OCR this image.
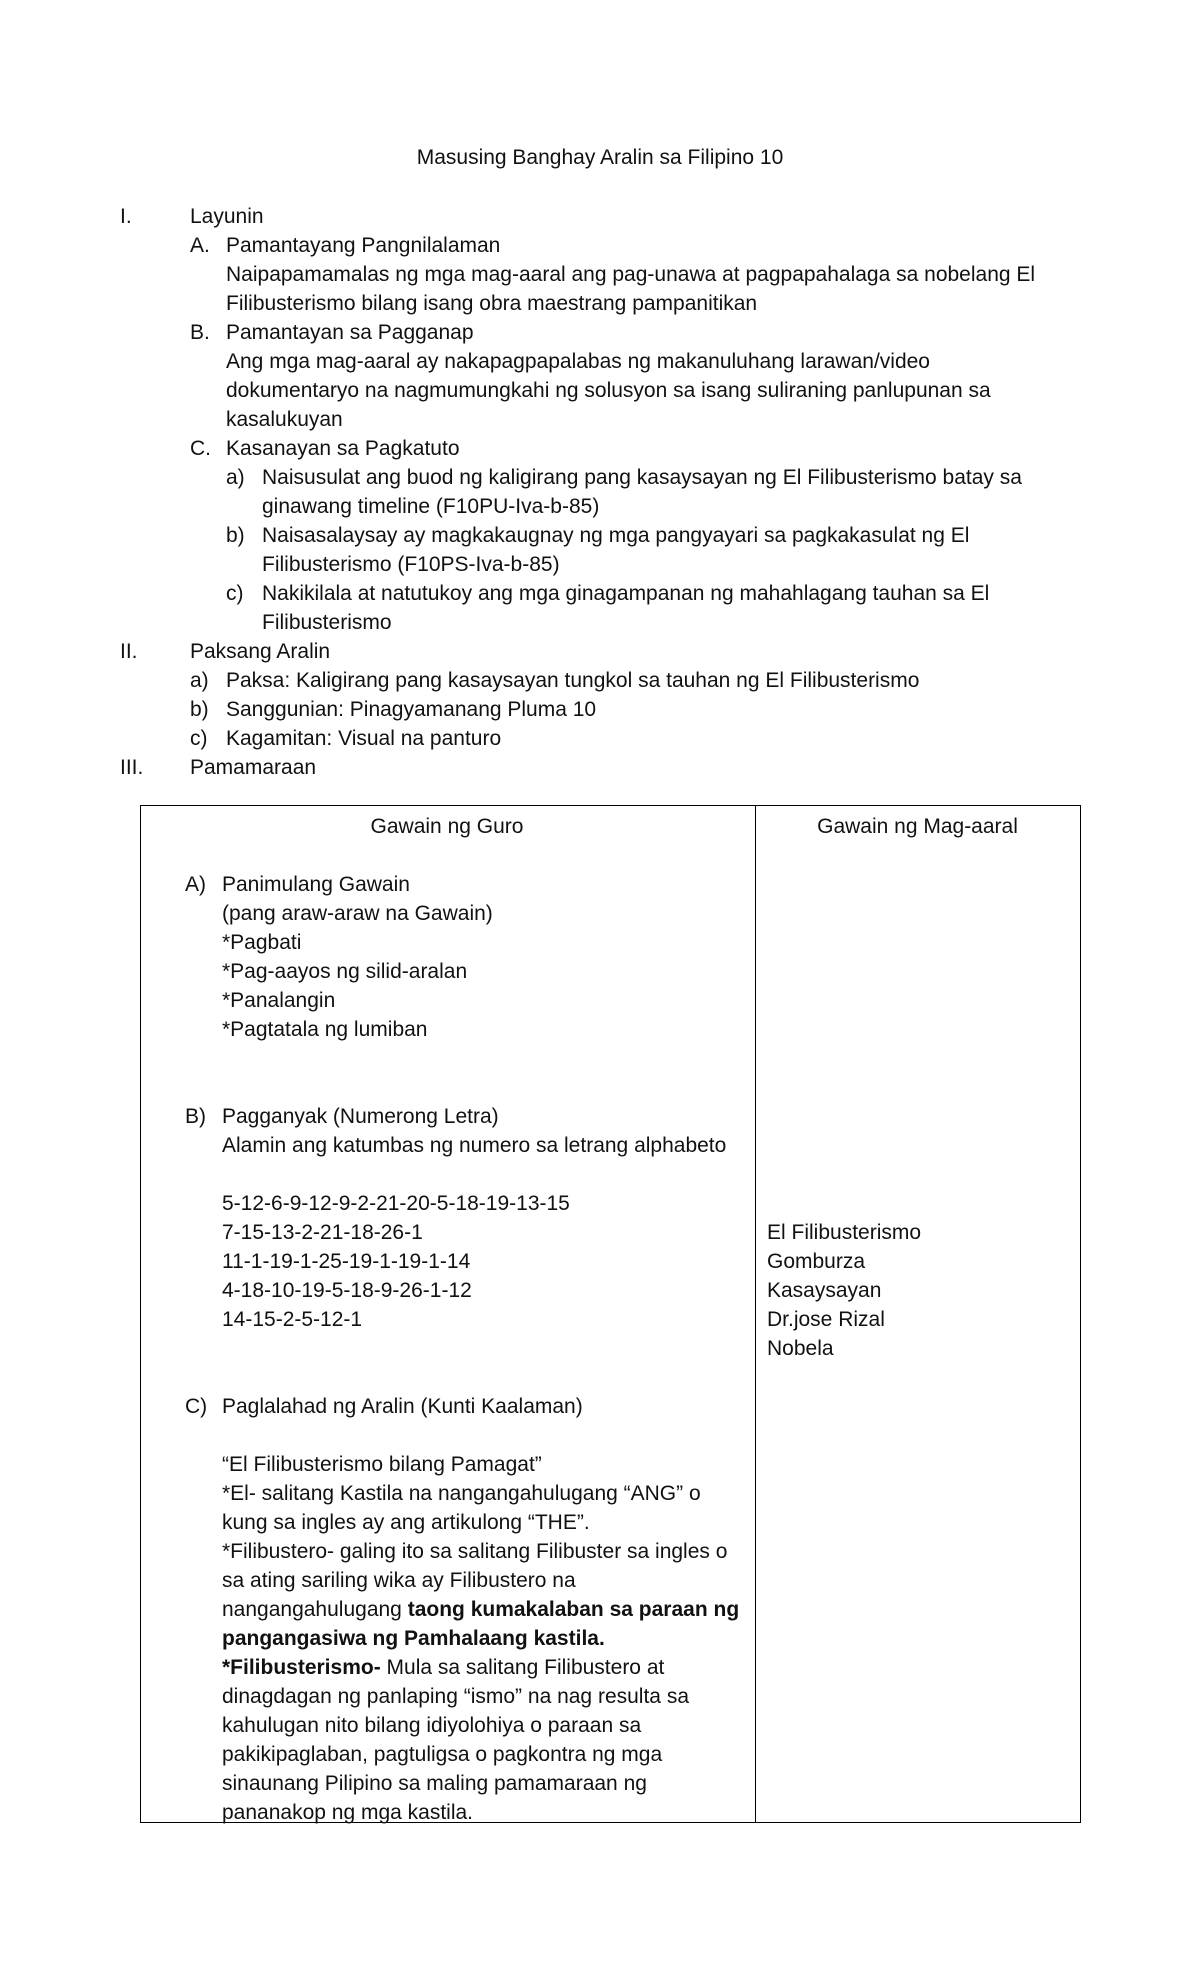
Masusing Banghay Aralin sa Filipino 10
I.	Layunin
A. Pamantayang Pangnilalaman
Naipapamamalas ng mga mag-aaral ang pag-unawa at pagpapahalaga sa nobelang El
Filibusterismo bilang isang obra maestrang pampanitikan
B. Pamantayan sa Pagganap
Ang mga mag-aaral ay nakapagpapalabas ng makanuluhang larawan/video
dokumentaryo na nagmumungkahi ng solusyon sa isang suliraning panlupunan sa
kasalukuyan
C. Kasanayan sa Pagkatuto
a) Naisusulat ang buod ng kaligirang pang kasaysayan ng El Filibusterismo batay sa
ginawang timeline (F10PU-Iva-b-85)
b) Naisasalaysay ay magkakaugnay ng mga pangyayari sa pagkakasulat ng El
Filibusterismo (F10PS-Iva-b-85)
c) Nakikilala at natutukoy ang mga ginagampanan ng mahahlagang tauhan sa El
Filibusterismo
II. Paksang Aralin
a) Paksa: Kaligirang pang kasaysayan tungkol sa tauhan ng El Filibusterismo
b) Sanggunian: Pinagyamanang Pluma 10
c) Kagamitan: Visual na panturo
III. Pamamaraan
Gawain ng Guro	Gawain ng Mag-aaral
A) Panimulang Gawain
(pang araw-araw na Gawain)
*Pagbati
*Pag-aayos ng silid-aralan
*Panalangin
*Pagtatala ng lumiban
B) Pagganyak (Numerong Letra)
Alamin ang katumbas ng numero sa letrang alphabeto
5-12-6-9-12-9-2-21-20-5-18-19-13-15
7-15-13-2-21-18-26-1
11-1-19-1-25-19-1-19-1-14
4-18-10-19-5-18-9-26-1-12
14-15-2-5-12-1
El Filibusterismo
Gomburza
Kasaysayan
Dr.jose Rizal
Nobela
C) Paglalahad ng Aralin (Kunti Kaalaman)
“El Filibusterismo bilang Pamagat”
*El- salitang Kastila na nangangahulugang “ANG” o
kung sa ingles ay ang artikulong “THE”.
*Filibustero- galing ito sa salitang Filibuster sa ingles o
sa ating sariling wika ay Filibustero na
nangangahulugang taong kumakalaban sa paraan ng
pangangasiwa ng Pamhalaang kastila.
*Filibusterismo- Mula sa salitang Filibustero at
dinagdagan ng panlaping “ismo” na nag resulta sa
kahulugan nito bilang idiyolohiya o paraan sa
pakikipaglaban, pagtuligsa o pagkontra ng mga
sinaunang Pilipino sa maling pamamaraan ng
pananakop ng mga kastila.
